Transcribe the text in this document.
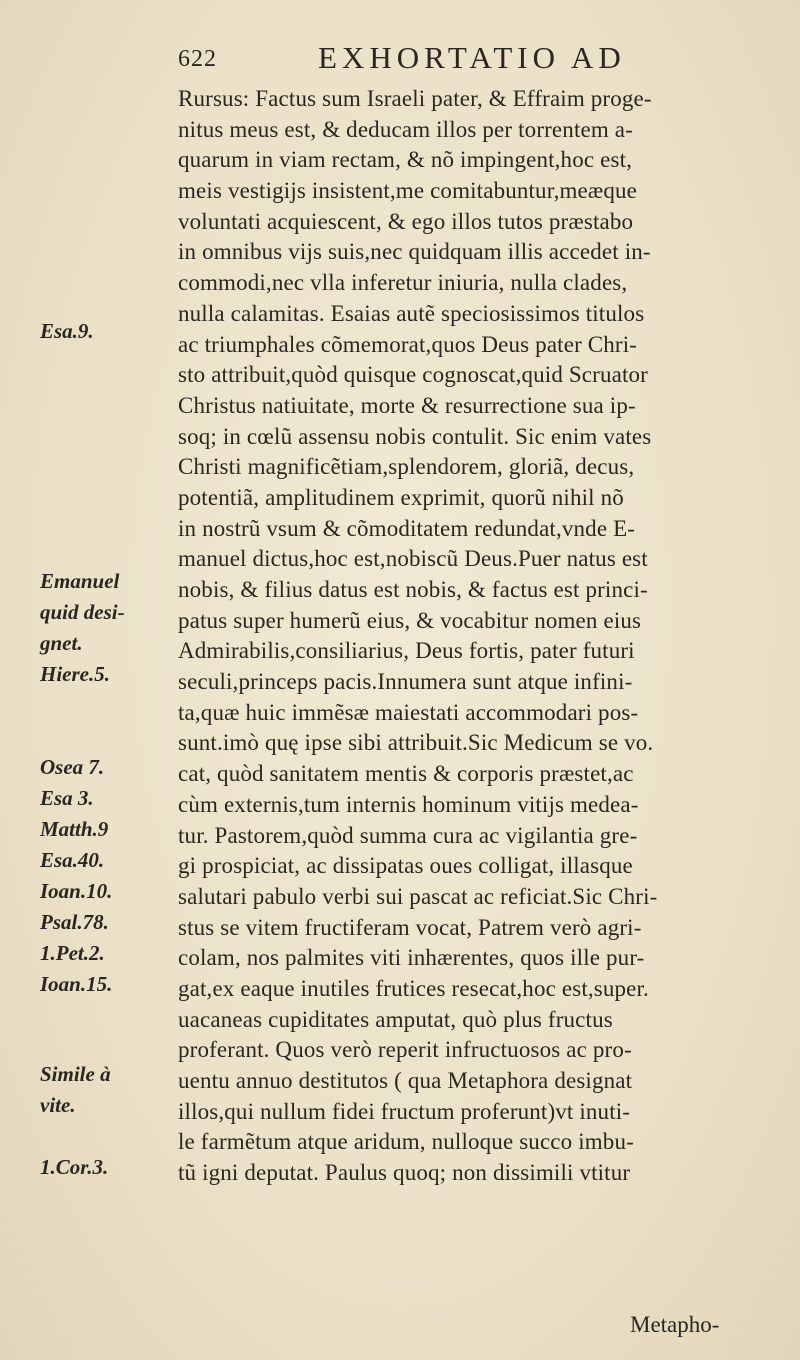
622	EXHORTATIO AD
Esa.9.
Emanuel
quid desi-
gnet.
Hiere.5.
Osea 7.
Esa 3.
Matth.9
Esa.40.
Ioan.10.
Psal.78.
1.Pet.2.
Ioan.15.
Simile à
vite.
1.Cor.3.
Rursus: Factus sum Israeli pater, & Effraim proge-
nitus meus est, & deducam illos per torrentem a-
quarum in viam rectam, & nõ impingent,hoc est,
meis vestigijs insistent,me comitabuntur,meæque
voluntati acquiescent, & ego illos tutos præstabo
in omnibus vijs suis,nec quidquam illis accedet in-
commodi,nec vlla inferetur iniuria, nulla clades,
nulla calamitas. Esaias autẽ speciosissimos titulos
ac triumphales cõmemorat,quos Deus pater Chri-
sto attribuit,quòd quisque cognoscat,quid Scruator
Christus natiuitate, morte & resurrectione sua ip-
soq; in cœlũ assensu nobis contulit. Sic enim vates
Christi magnificẽtiam,splendorem, gloriã, decus,
potentiã, amplitudinem exprimit, quorũ nihil nõ
in nostrũ vsum & cõmoditatem redundat,vnde E-
manuel dictus,hoc est,nobiscũ Deus.Puer natus est
nobis, & filius datus est nobis, & factus est princi-
patus super humerũ eius, & vocabitur nomen eius
Admirabilis,consiliarius, Deus fortis, pater futuri
seculi,princeps pacis.Innumera sunt atque infini-
ta,quæ huic immẽsæ maiestati accommodari pos-
sunt.imò quę ipse sibi attribuit.Sic Medicum se vo.
cat, quòd sanitatem mentis & corporis præstet,ac
cùm externis,tum internis hominum vitijs medea-
tur. Pastorem,quòd summa cura ac vigilantia gre-
gi prospiciat, ac dissipatas oues colligat, illasque
salutari pabulo verbi sui pascat ac reficiat.Sic Chri-
stus se vitem fructiferam vocat, Patrem verò agri-
colam, nos palmites viti inhærentes, quos ille pur-
gat,ex eaque inutiles frutices resecat,hoc est,super.
uacaneas cupiditates amputat, quò plus fructus
proferant. Quos verò reperit infructuosos ac pro-
uentu annuo destitutos ( qua Metaphora designat
illos,qui nullum fidei fructum proferunt)vt inuti-
le farmẽtum atque aridum, nulloque succo imbu-
tũ igni deputat. Paulus quoq; non dissimili vtitur
Metapho-
